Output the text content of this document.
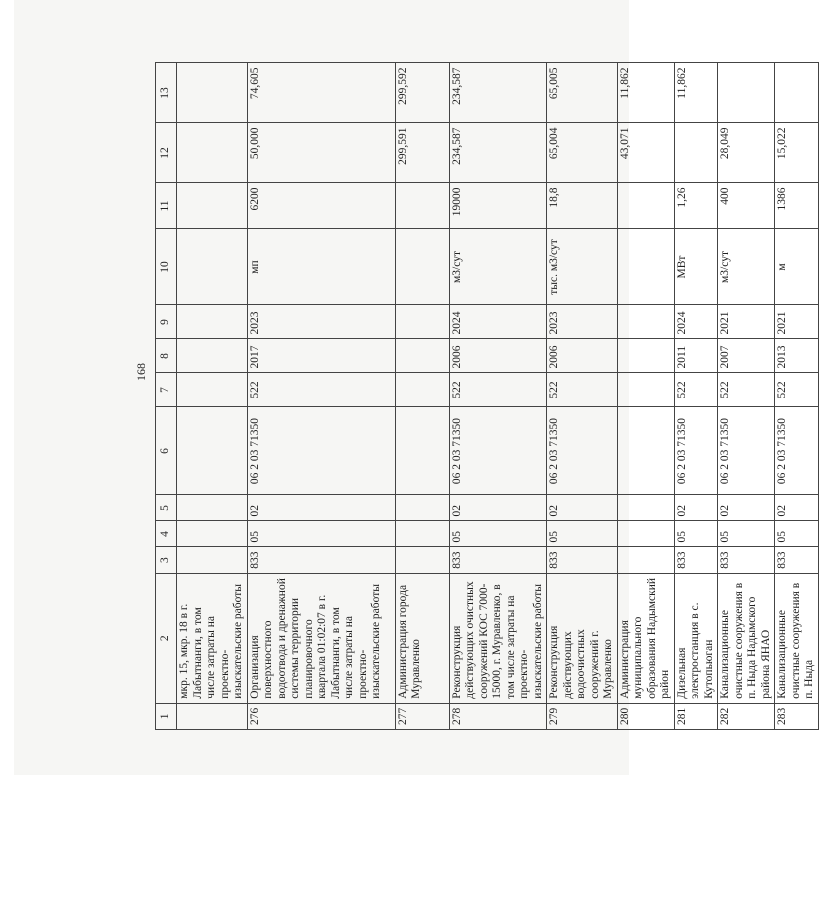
168
1	2	3	4	5	6	7	8	9	10	11	12	13
	мкр. 15, мкр. 18 в г. Лабытнанги, в том числе затраты на проектно-изыскательские работы											
276	Организация поверхностного водоотвода и дренажной системы территории планировочного квартала 01:02:07 в г. Лабытнанги, в том числе затраты на проектно-изыскательские работы	833	05	02	06 2 03 71350	522	2017	2023	мп	6200	50,000	74,605
277	Администрация города Муравленко										299,591	299,592
278	Реконструкция действующих очистных сооружений КОС 7000-15000, г. Муравленко, в том числе затраты на проектно-изыскательские работы	833	05	02	06 2 03 71350	522	2006	2024	м3/сут	19000	234,587	234,587
279	Реконструкция действующих водоочистных сооружений г. Муравленко	833	05	02	06 2 03 71350	522	2006	2023	тыс. м3/сут	18,8	65,004	65,005
280	Администрация муниципального образования Надымский район										43,071	11,862
281	Дизельная электростанция в с. Кутопьюган	833	05	02	06 2 03 71350	522	2011	2024	МВт	1,26		11,862
282	Канализационные очистные сооружения в п. Ныда Надымского района ЯНАО	833	05	02	06 2 03 71350	522	2007	2021	м3/сут	400	28,049	
283	Канализационные очистные сооружения в п. Ныда	833	05	02	06 2 03 71350	522	2013	2021	м	1386	15,022	
